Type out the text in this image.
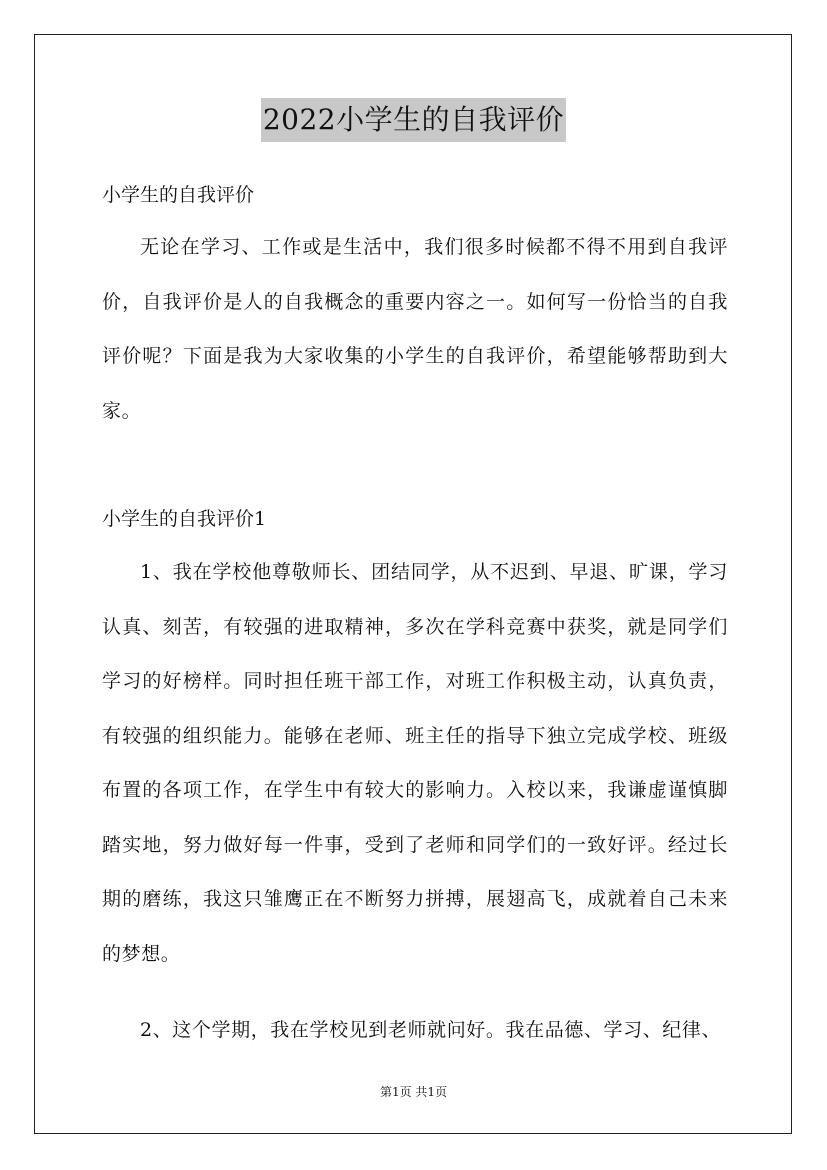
2022小学生的自我评价
小学生的自我评价
无论在学习、工作或是生活中，我们很多时候都不得不用到自我评价，自我评价是人的自我概念的重要内容之一。如何写一份恰当的自我评价呢？下面是我为大家收集的小学生的自我评价，希望能够帮助到大家。
小学生的自我评价1
1、我在学校他尊敬师长、团结同学，从不迟到、早退、旷课，学习认真、刻苦，有较强的进取精神，多次在学科竞赛中获奖，就是同学们学习的好榜样。同时担任班干部工作，对班工作积极主动，认真负责，有较强的组织能力。能够在老师、班主任的指导下独立完成学校、班级布置的各项工作，在学生中有较大的影响力。入校以来，我谦虚谨慎脚踏实地，努力做好每一件事，受到了老师和同学们的一致好评。经过长期的磨练，我这只雏鹰正在不断努力拼搏，展翅高飞，成就着自己未来的梦想。
2、这个学期，我在学校见到老师就问好。我在品德、学习、纪律、
第1页 共1页
